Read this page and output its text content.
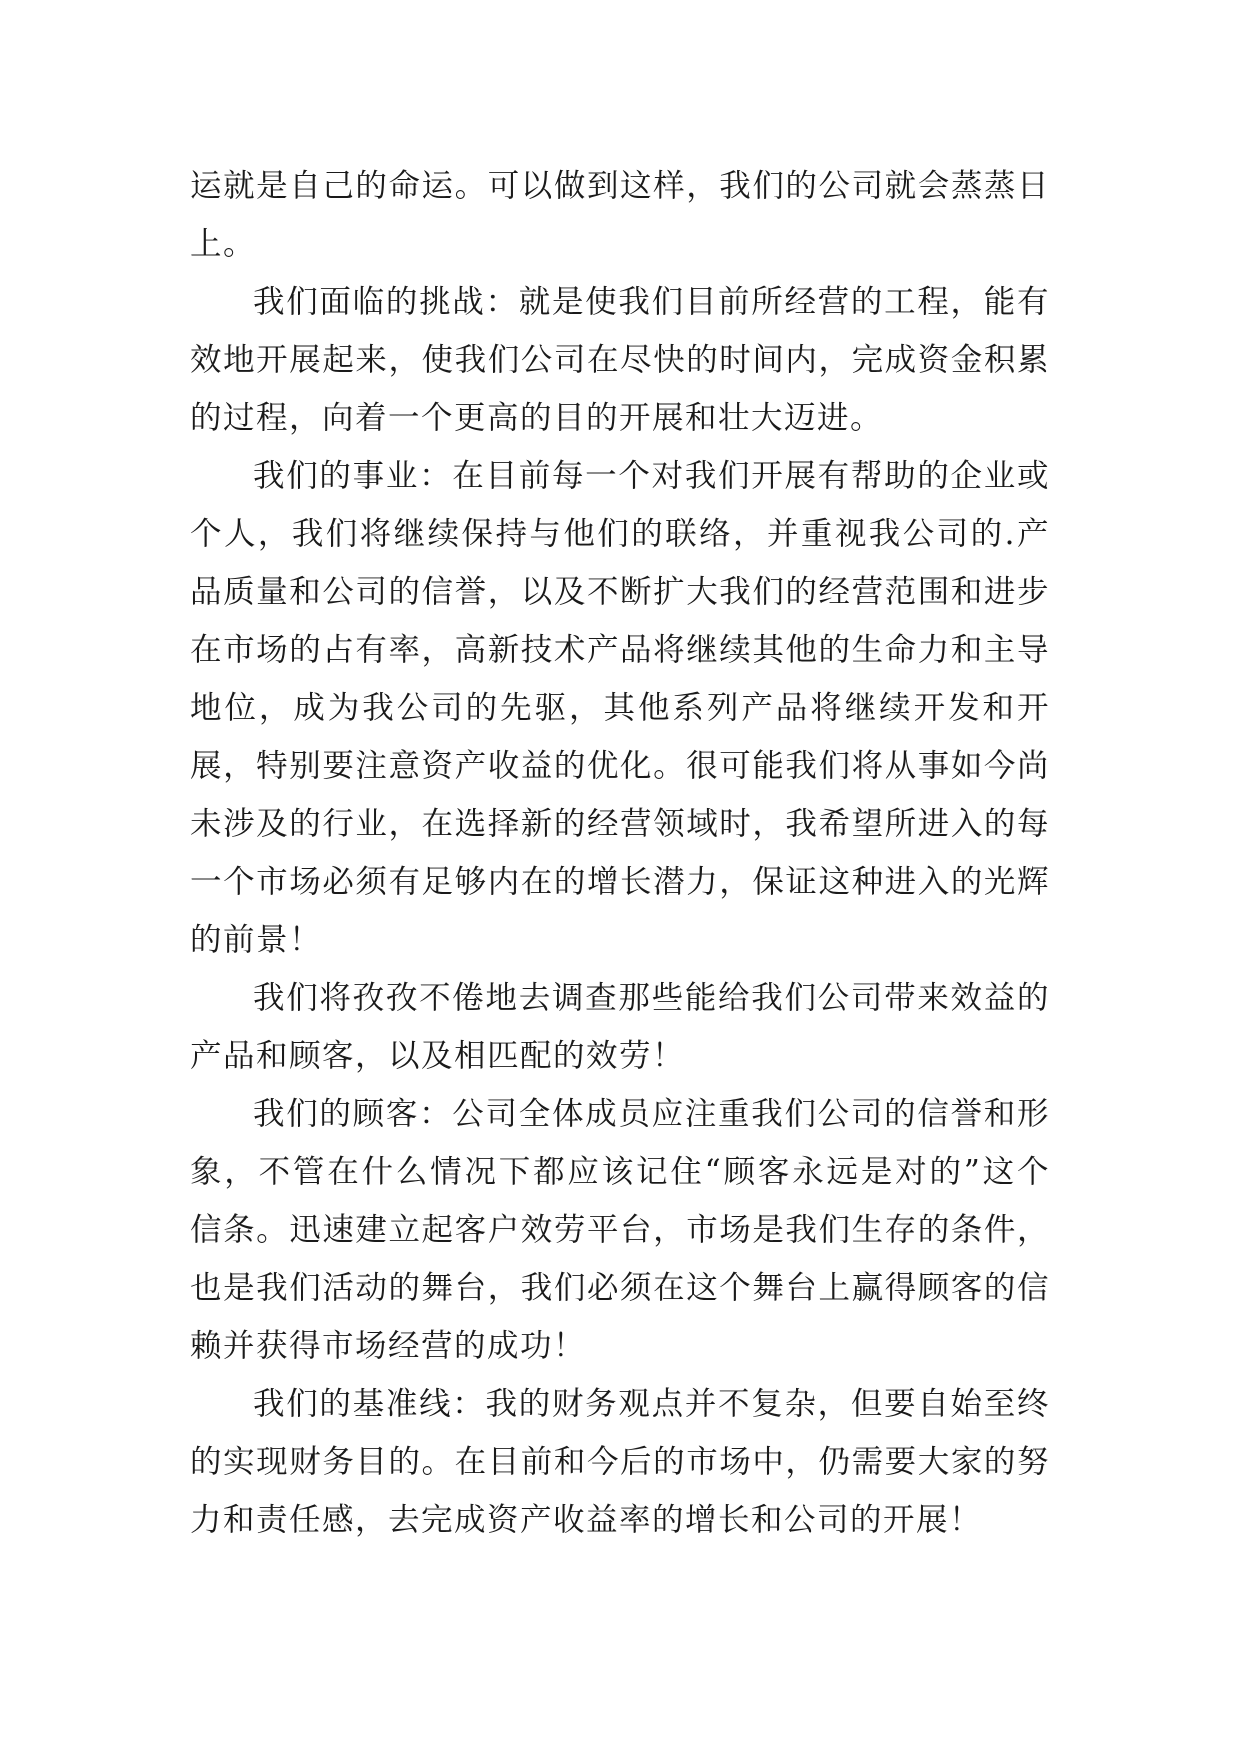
运就是自己的命运。可以做到这样，我们的公司就会蒸蒸日上。

我们面临的挑战：就是使我们目前所经营的工程，能有效地开展起来，使我们公司在尽快的时间内，完成资金积累的过程，向着一个更高的目的开展和壮大迈进。

我们的事业：在目前每一个对我们开展有帮助的企业或个人，我们将继续保持与他们的联络，并重视我公司的.产品质量和公司的信誉，以及不断扩大我们的经营范围和进步在市场的占有率，高新技术产品将继续其他的生命力和主导地位，成为我公司的先驱，其他系列产品将继续开发和开展，特别要注意资产收益的优化。很可能我们将从事如今尚未涉及的行业，在选择新的经营领域时，我希望所进入的每一个市场必须有足够内在的增长潜力，保证这种进入的光辉的前景！

我们将孜孜不倦地去调查那些能给我们公司带来效益的产品和顾客，以及相匹配的效劳！

我们的顾客：公司全体成员应注重我们公司的信誉和形象，不管在什么情况下都应该记住“顾客永远是对的”这个信条。迅速建立起客户效劳平台，市场是我们生存的条件，也是我们活动的舞台，我们必须在这个舞台上赢得顾客的信赖并获得市场经营的成功！

我们的基准线：我的财务观点并不复杂，但要自始至终的实现财务目的。在目前和今后的市场中，仍需要大家的努力和责任感，去完成资产收益率的增长和公司的开展！
